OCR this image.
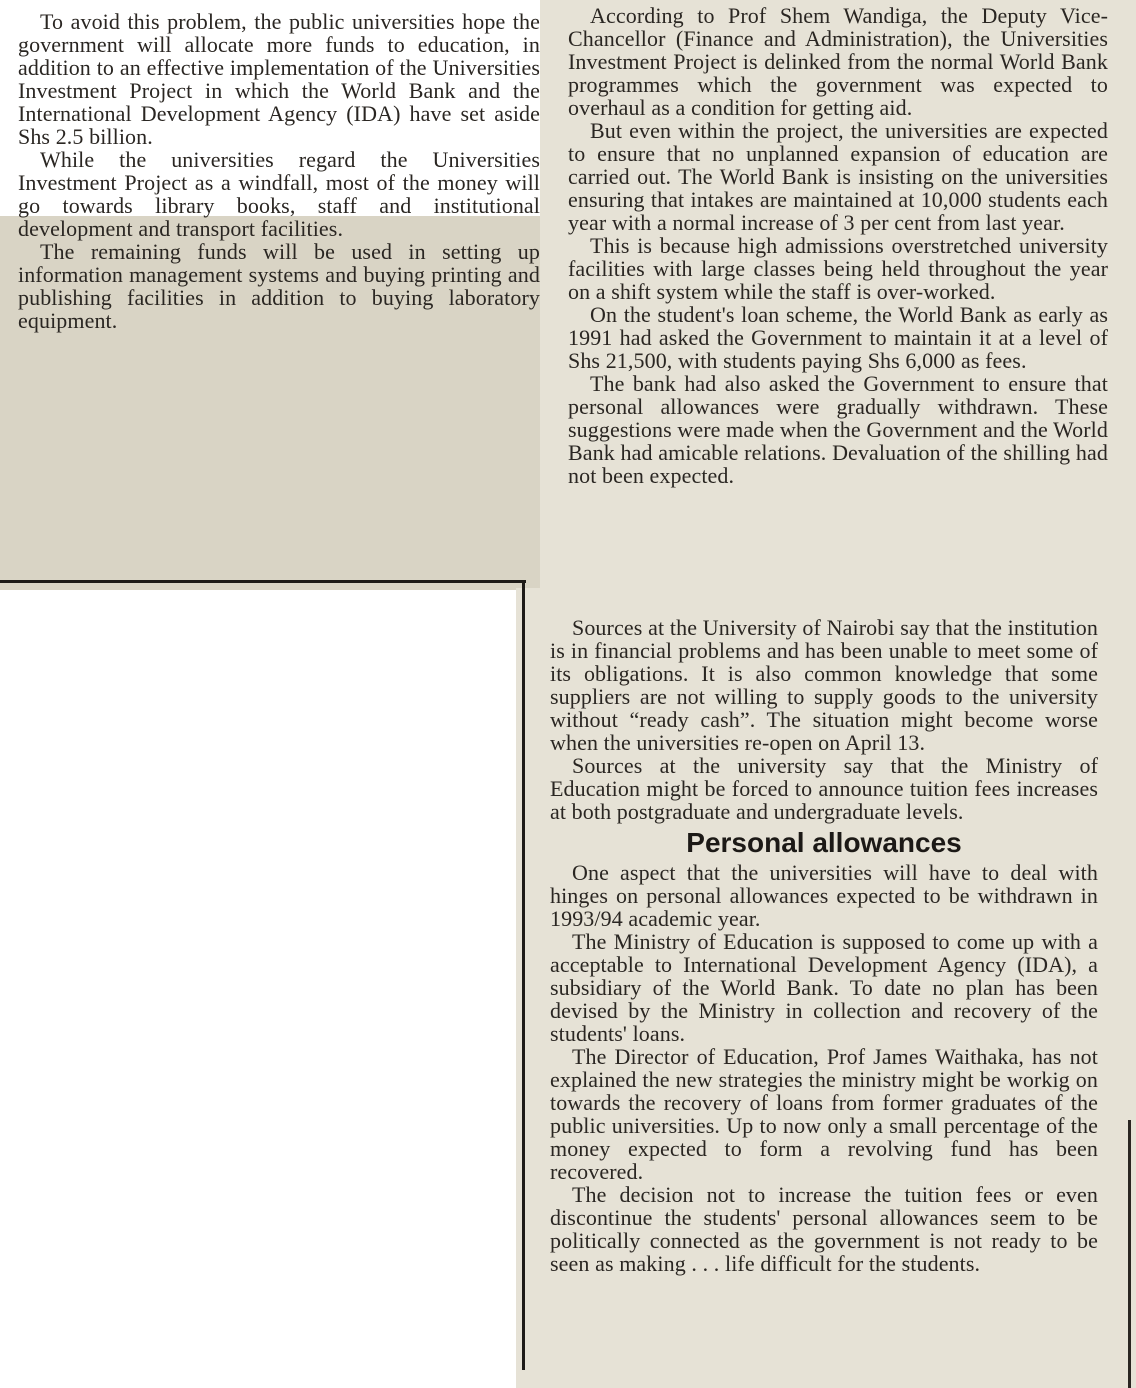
To avoid this problem, the public universities hope the government will allocate more funds to education, in addition to an effective implementation of the Universities Investment Project in which the World Bank and the International Development Agency (IDA) have set aside Shs 2.5 billion.

While the universities regard the Universities Investment Project as a windfall, most of the money will go towards library books, staff and institutional development and transport facilities.

The remaining funds will be used in setting up information management systems and buying printing and publishing facilities in addition to buying laboratory equipment.

According to Prof Shem Wandiga, the Deputy Vice-Chancellor (Finance and Administration), the Universities Investment Project is delinked from the normal World Bank programmes which the government was expected to overhaul as a condition for getting aid.

But even within the project, the universities are expected to ensure that no unplanned expansion of education are carried out. The World Bank is insisting on the universities ensuring that intakes are maintained at 10,000 students each year with a normal increase of 3 per cent from last year.

This is because high admissions overstretched university facilities with large classes being held throughout the year on a shift system while the staff is over-worked.

On the student's loan scheme, the World Bank as early as 1991 had asked the Government to maintain it at a level of Shs 21,500, with students paying Shs 6,000 as fees.

The bank had also asked the Government to ensure that personal allowances were gradually withdrawn. These suggestions were made when the Government and the World Bank had amicable relations. Devaluation of the shilling had not been expected.

Sources at the University of Nairobi say that the institution is in financial problems and has been unable to meet some of its obligations. It is also common knowledge that some suppliers are not willing to supply goods to the university without “ready cash”. The situation might become worse when the universities re-open on April 13.

Sources at the university say that the Ministry of Education might be forced to announce tuition fees increases at both postgraduate and undergraduate levels.

Personal allowances

One aspect that the universities will have to deal with hinges on personal allowances expected to be withdrawn in 1993/94 academic year.

The Ministry of Education is supposed to come up with a acceptable to International Development Agency (IDA), a subsidiary of the World Bank. To date no plan has been devised by the Ministry in collection and recovery of the students' loans.

The Director of Education, Prof James Waithaka, has not explained the new strategies the ministry might be workig on towards the recovery of loans from former graduates of the public universities. Up to now only a small percentage of the money expected to form a revolving fund has been recovered.

The decision not to increase the tuition fees or even discontinue the students' personal allowances seem to be politically connected as the government is not ready to be seen as making . . . life difficult for the students.
